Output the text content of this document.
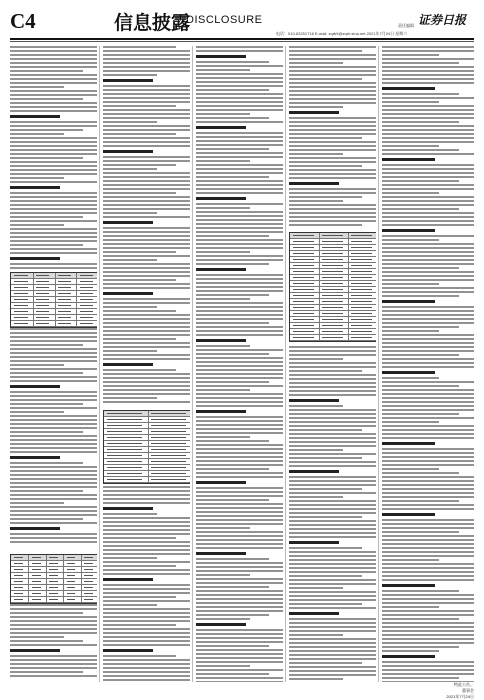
C4	信息披露
DISCLOSURE	责任编辑 证券日报
电话：010-83251716 E-mail: zqrb9@zqrb.sina.net 2021年7月24日 星期六
特此公告。
董事会
2021年7月24日
